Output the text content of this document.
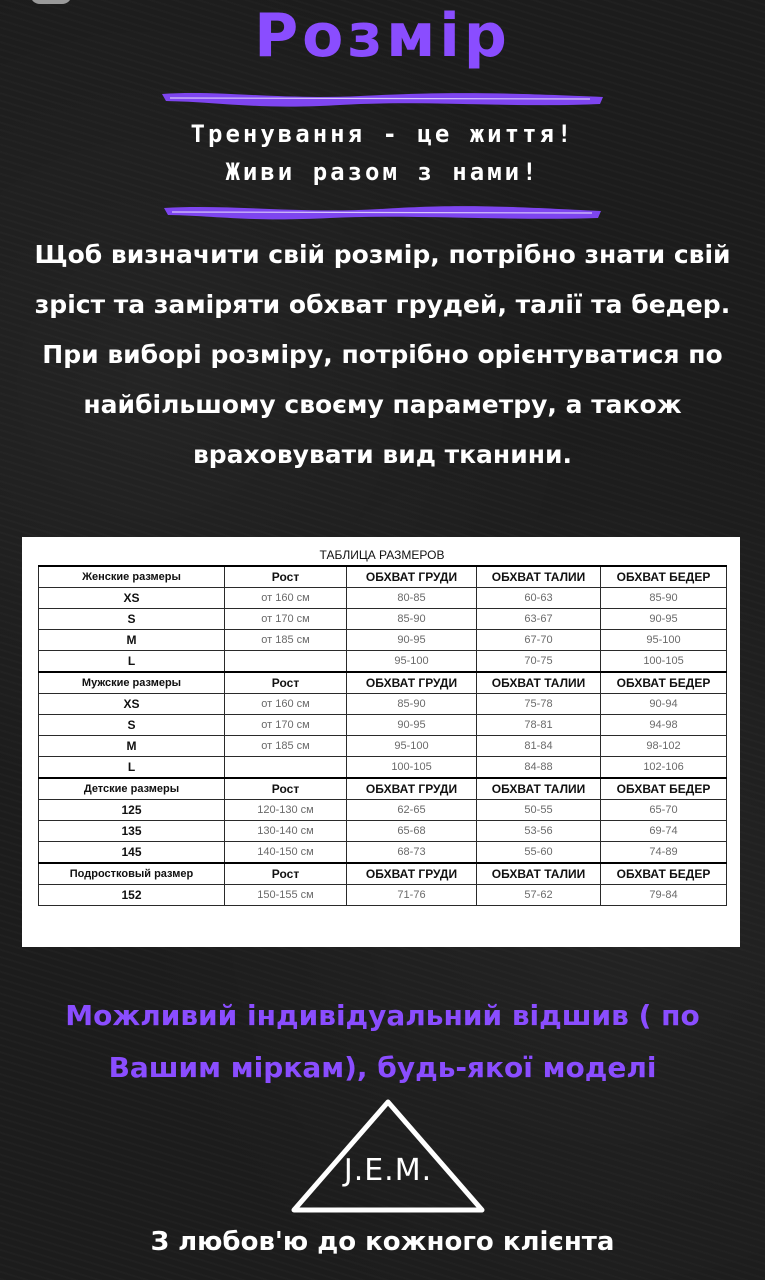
Розмір
Тренування - це життя!
Живи разом з нами!

Щоб визначити свій розмір, потрібно знати свій зріст та заміряти обхват грудей, талії та бедер.

При виборі розміру, потрібно орієнтуватися по найбільшому своєму параметру, а також враховувати вид тканини.

ТАБЛИЦА РАЗМЕРОВ
Женские размеры	Рост	ОБХВАТ ГРУДИ	ОБХВАТ ТАЛИИ	ОБХВАТ БЕДЕР
XS	от 160 см	80-85	60-63	85-90
S	от 170 см	85-90	63-67	90-95
M	от 185 см	90-95	67-70	95-100
L		95-100	70-75	100-105
Мужские размеры	Рост	ОБХВАТ ГРУДИ	ОБХВАТ ТАЛИИ	ОБХВАТ БЕДЕР
XS	от 160 см	85-90	75-78	90-94
S	от 170 см	90-95	78-81	94-98
M	от 185 см	95-100	81-84	98-102
L		100-105	84-88	102-106
Детские размеры	Рост	ОБХВАТ ГРУДИ	ОБХВАТ ТАЛИИ	ОБХВАТ БЕДЕР
125	120-130 см	62-65	50-55	65-70
135	130-140 см	65-68	53-56	69-74
145	140-150 см	68-73	55-60	74-89
Подростковый размер	Рост	ОБХВАТ ГРУДИ	ОБХВАТ ТАЛИИ	ОБХВАТ БЕДЕР
152	150-155 см	71-76	57-62	79-84

Можливий індивідуальний відшив ( по

Вашим міркам), будь-якої моделі

J.E.M.
З любов'ю до кожного клієнта
